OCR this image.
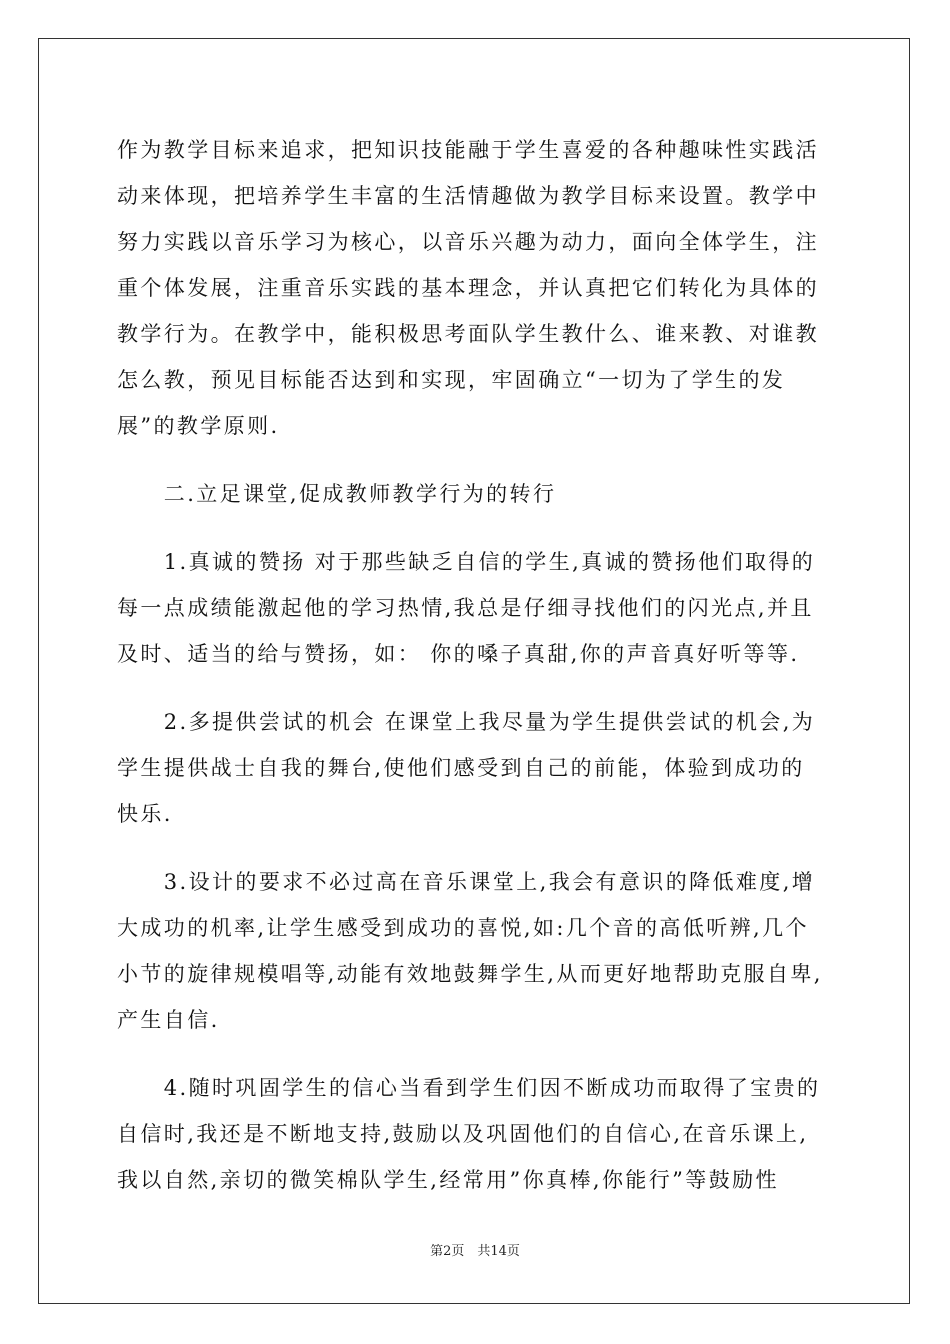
作为教学目标来追求，把知识技能融于学生喜爱的各种趣味性实践活
动来体现，把培养学生丰富的生活情趣做为教学目标来设置。教学中
努力实践以音乐学习为核心，以音乐兴趣为动力，面向全体学生，注
重个体发展，注重音乐实践的基本理念，并认真把它们转化为具体的
教学行为。在教学中，能积极思考面队学生教什么、谁来教、对谁教
怎么教，预见目标能否达到和实现，牢固确立“一切为了学生的发
展”的教学原则.
　　二.立足课堂,促成教师教学行为的转行
　　1.真诚的赞扬 对于那些缺乏自信的学生,真诚的赞扬他们取得的
每一点成绩能激起他的学习热情,我总是仔细寻找他们的闪光点,并且
及时、适当的给与赞扬，如： 你的嗓子真甜,你的声音真好听等等.
　　2.多提供尝试的机会 在课堂上我尽量为学生提供尝试的机会,为
学生提供战士自我的舞台,使他们感受到自己的前能，体验到成功的
快乐.
　　3.设计的要求不必过高在音乐课堂上,我会有意识的降低难度,增
大成功的机率,让学生感受到成功的喜悦,如:几个音的高低听辨,几个
小节的旋律规模唱等,动能有效地鼓舞学生,从而更好地帮助克服自卑,
产生自信.
　　4.随时巩固学生的信心当看到学生们因不断成功而取得了宝贵的
自信时,我还是不断地支持,鼓励以及巩固他们的自信心,在音乐课上,
我以自然,亲切的微笑棉队学生,经常用”你真棒,你能行”等鼓励性
第2页　共14页
